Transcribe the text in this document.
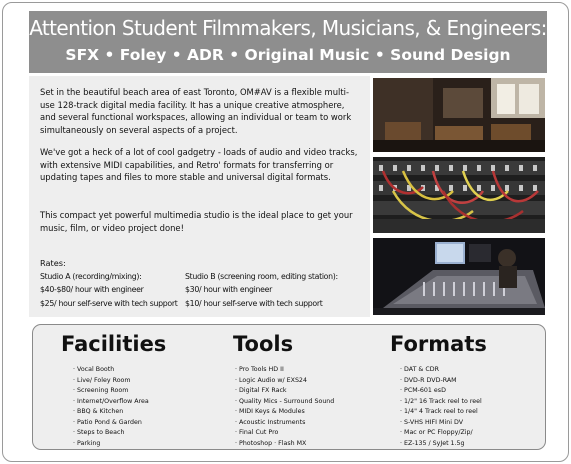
Attention Student Filmmakers, Musicians, & Engineers:
SFX • Foley • ADR • Original Music • Sound Design

Set in the beautiful beach area of east Toronto, OM#AV is a flexible multi-use 128-track digital media facility. It has a unique creative atmosphere, and several functional workspaces, allowing an individual or team to work simultaneously on several aspects of a project.

We've got a heck of a lot of cool gadgetry - loads of audio and video tracks, with extensive MIDI capabilities, and Retro' formats for transferring or updating tapes and files to more stable and universal digital formats.

This compact yet powerful multimedia studio is the ideal place to get your music, film, or video project done!

Rates:
Studio A (recording/mixing):
$40-$80/ hour with engineer
$25/ hour self-serve with tech support
Studio B (screening room, editing station):
$30/ hour with engineer
$10/ hour self-serve with tech support
Facilities	Tools	Formats
· Vocal Booth
· Live/ Foley Room
· Screening Room
· Internet/Overflow Area
· BBQ & Kitchen
· Patio Pond & Garden
· Steps to Beach
· Parking
· Pro Tools HD II
· Logic Audio w/ EXS24
· Digital FX Rack
· Quality Mics - Surround Sound
· MIDI Keys & Modules
· Acoustic Instruments
· Final Cut Pro
· Photoshop · Flash MX
· DAT & CDR
· DVD-R DVD-RAM
· PCM-601 esD
· 1/2" 16 Track reel to reel
· 1/4" 4 Track reel to reel
· S-VHS HIFI Mini DV
· Mac or PC Floppy/Zip/
· EZ-135 / SyJet 1.5g
